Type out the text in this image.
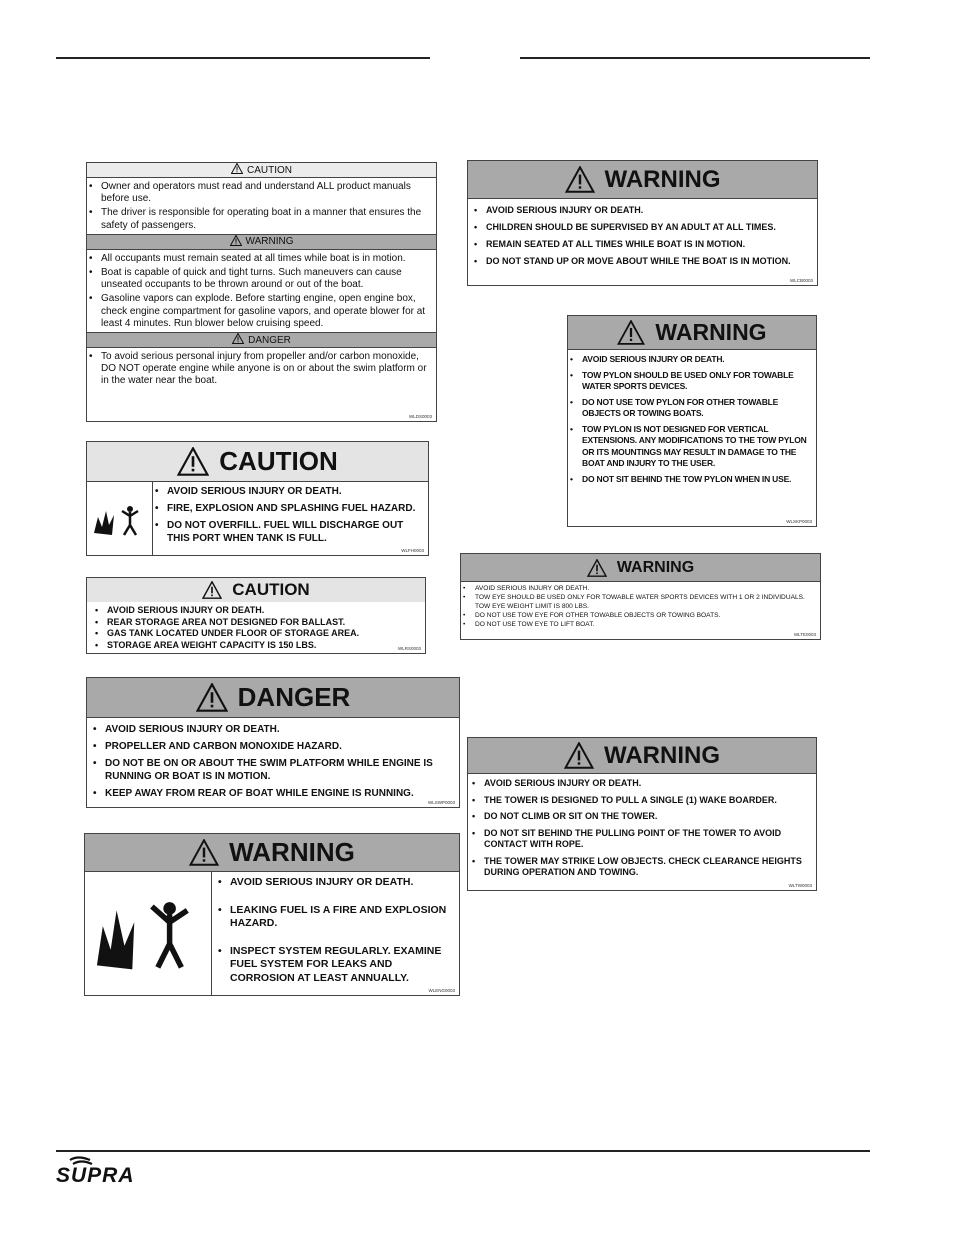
CAUTION
• Owner and operators must read and understand ALL product manuals before use.
• The driver is responsible for operating boat in a manner that ensures the safety of passengers.
WARNING
• All occupants must remain seated at all times while boat is in motion.
• Boat is capable of quick and tight turns. Such maneuvers can cause unseated occupants to be thrown around or out of the boat.
• Gasoline vapors can explode. Before starting engine, open engine box, check engine compartment for gasoline vapors, and operate blower for at least 4 minutes. Run blower below cruising speed.
DANGER
• To avoid serious personal injury from propeller and/or carbon monoxide, DO NOT operate engine while anyone is on or about the swim platform or in the water near the boat.
WLDS0003
CAUTION
• AVOID SERIOUS INJURY OR DEATH.
• FIRE, EXPLOSION AND SPLASHING FUEL HAZARD.
• DO NOT OVERFILL. FUEL WILL DISCHARGE OUT THIS PORT WHEN TANK IS FULL.
WLFH0003
CAUTION
• AVOID SERIOUS INJURY OR DEATH.
• REAR STORAGE AREA NOT DESIGNED FOR BALLAST.
• GAS TANK LOCATED UNDER FLOOR OF STORAGE AREA.
• STORAGE AREA WEIGHT CAPACITY IS 150 LBS.	WLRS0003
DANGER
• AVOID SERIOUS INJURY OR DEATH.
• PROPELLER AND CARBON MONOXIDE HAZARD.
• DO NOT BE ON OR ABOUT THE SWIM PLATFORM WHILE ENGINE IS RUNNING OR BOAT IS IN MOTION.
• KEEP AWAY FROM REAR OF BOAT WHILE ENGINE IS RUNNING.
WLSWP0003
WARNING
• AVOID SERIOUS INJURY OR DEATH.
• LEAKING FUEL IS A FIRE AND EXPLOSION HAZARD.
• INSPECT SYSTEM REGULARLY. EXAMINE FUEL SYSTEM FOR LEAKS AND CORROSION AT LEAST ANNUALLY.
WLENG0003
WARNING
• AVOID SERIOUS INJURY OR DEATH.
• CHILDREN SHOULD BE SUPERVISED BY AN ADULT AT ALL TIMES.
• REMAIN SEATED AT ALL TIMES WHILE BOAT IS IN MOTION.
• DO NOT STAND UP OR MOVE ABOUT WHILE THE BOAT IS IN MOTION.
WLCB0003
WARNING
• AVOID SERIOUS INJURY OR DEATH.
• TOW PYLON SHOULD BE USED ONLY FOR TOWABLE WATER SPORTS DEVICES.
• DO NOT USE TOW PYLON FOR OTHER TOWABLE OBJECTS OR TOWING BOATS.
• TOW PYLON IS NOT DESIGNED FOR VERTICAL EXTENSIONS. ANY MODIFICATIONS TO THE TOW PYLON OR ITS MOUNTINGS MAY RESULT IN DAMAGE TO THE BOAT AND INJURY TO THE USER.
• DO NOT SIT BEHIND THE TOW PYLON WHEN IN USE.
WLSKP0003
WARNING
• AVOID SERIOUS INJURY OR DEATH.
• TOW EYE SHOULD BE USED ONLY FOR TOWABLE WATER SPORTS DEVICES WITH 1 OR 2 INDIVIDUALS. TOW EYE WEIGHT LIMIT IS 800 LBS.
• DO NOT USE TOW EYE FOR OTHER TOWABLE OBJECTS OR TOWING BOATS.
• DO NOT USE TOW EYE TO LIFT BOAT.
WLTE0003
WARNING
• AVOID SERIOUS INJURY OR DEATH.
• THE TOWER IS DESIGNED TO PULL A SINGLE (1) WAKE BOARDER.
• DO NOT CLIMB OR SIT ON THE TOWER.
• DO NOT SIT BEHIND THE PULLING POINT OF THE TOWER TO AVOID CONTACT WITH ROPE.
• THE TOWER MAY STRIKE LOW OBJECTS. CHECK CLEARANCE HEIGHTS DURING OPERATION AND TOWING.
WLTW0003
SUPRA
